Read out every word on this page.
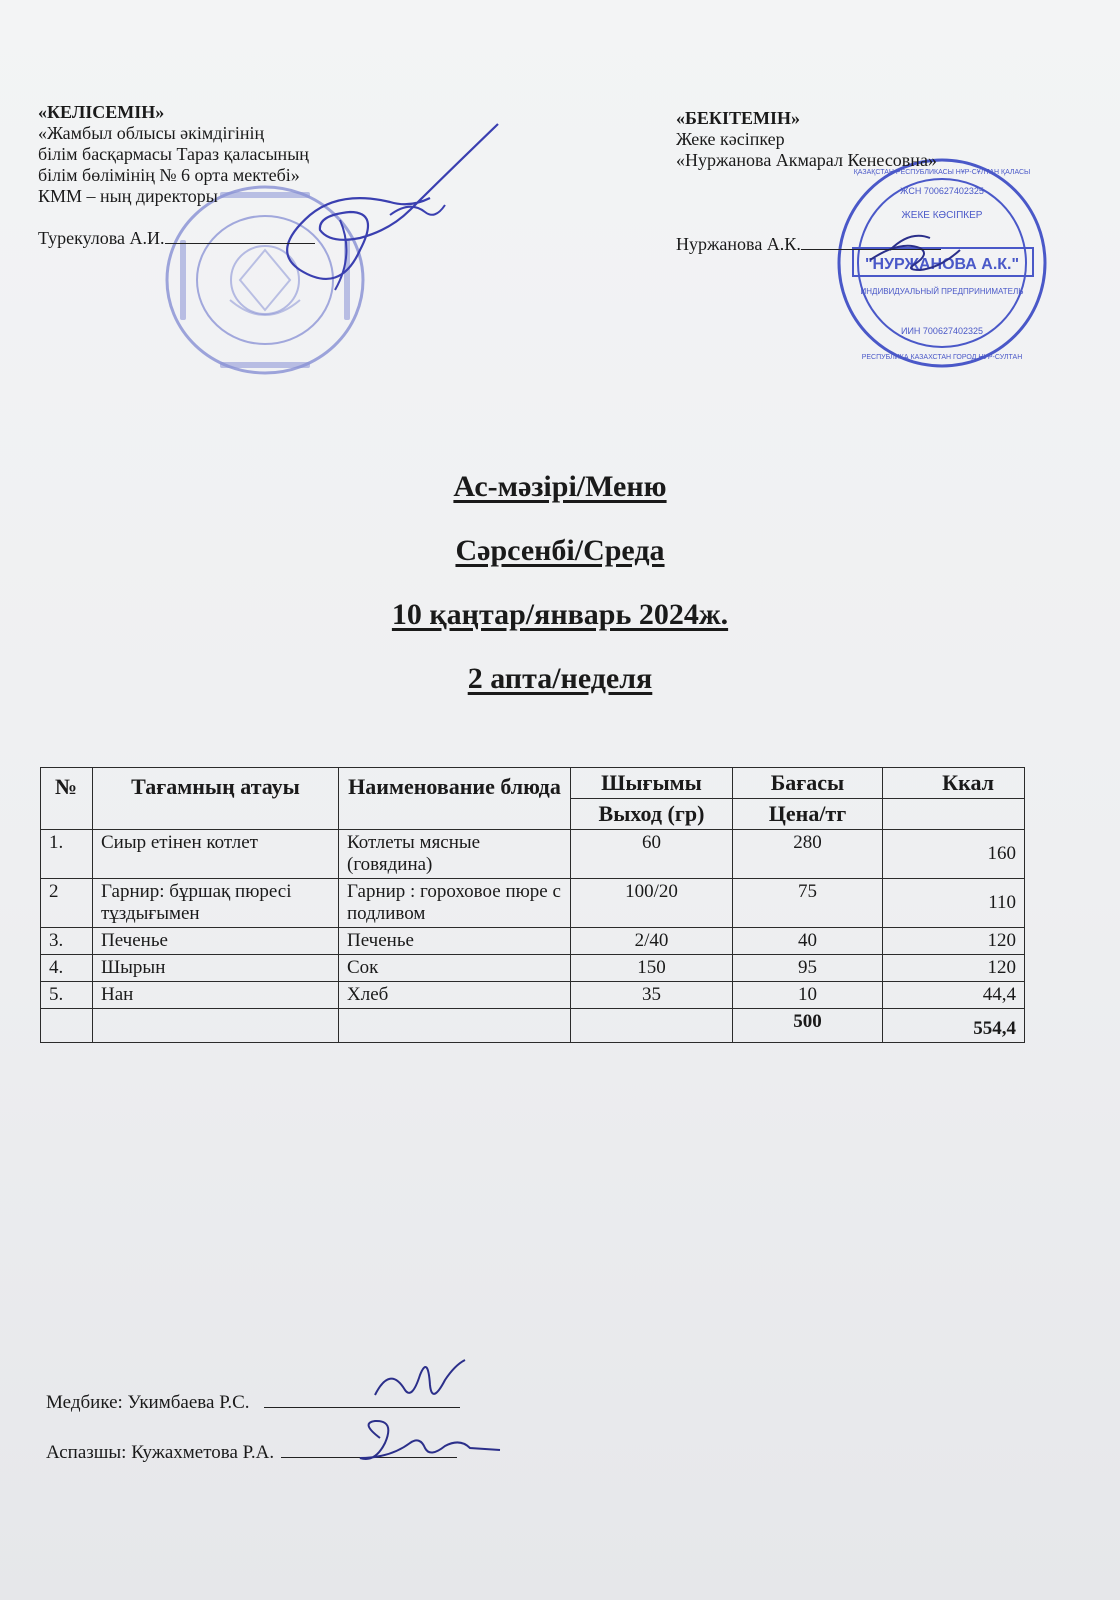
ЖСН 700627402325
ЖЕКЕ КӘСІПКЕР
"НУРЖАНОВА А.К."
ИНДИВИДУАЛЬНЫЙ ПРЕДПРИНИМАТЕЛЬ
ИИН 700627402325
ҚАЗАҚСТАН РЕСПУБЛИКАСЫ НҰР-СҰЛТАН ҚАЛАСЫ
РЕСПУБЛИКА КАЗАХСТАН ГОРОД НУР-СУЛТАН
«КЕЛІСЕМІН»
«Жамбыл облысы әкімдігінің
білім басқармасы Тараз қаласының
білім бөлімінің № 6 орта мектебі»
КММ – ның директоры
Турекулова А.И.
«БЕКІТЕМІН»
Жеке кәсіпкер
«Нуржанова Акмарал Кенесовна»
Нуржанова А.К.
Ас-мәзірі/Меню
Сәрсенбі/Среда
10 қаңтар/январь 2024ж.
2 апта/неделя
№	Тағамның атауы	Наименование блюда	Шығымы	Бағасы	Ккал
			Выход (гр)	Цена/тг	
1.	Сиыр етінен котлет	Котлеты мясные (говядина)	60	280	160
2	Гарнир: бұршақ пюресі тұздығымен	Гарнир : гороховое пюре с подливом	100/20	75	110
3.	Печенье	Печенье	2/40	40	120
4.	Шырын	Сок	150	95	120
5.	Нан	Хлеб	35	10	44,4
				500	554,4
Медбике: Укимбаева Р.С.
Аспазшы: Кужахметова Р.А.
